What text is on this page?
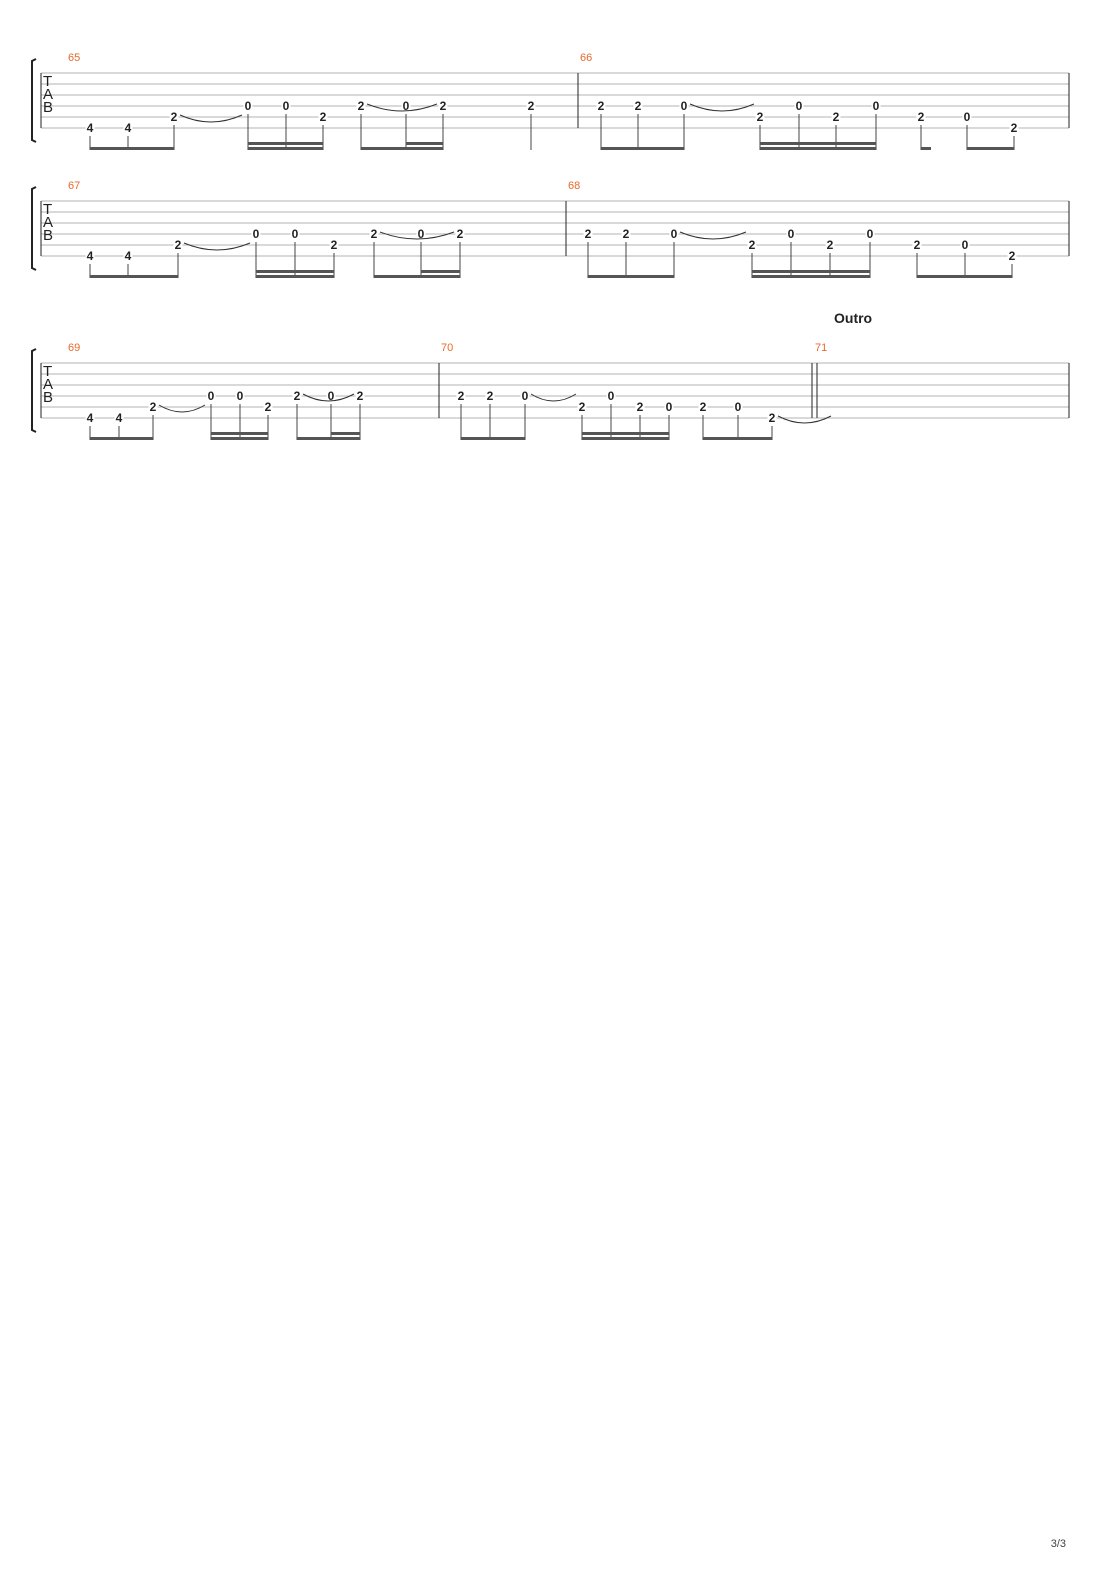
T
A
B
65
4	4
2
0	0
2
2	0	2	2
66
2	2	0
2
0
2
0
2	0
2
T
A
B
67
4	4
2
0	0
2
2	0	2
68
2	2	0
2
0
2
0
2	0
2
T
A
B
Outro
69
4 4
2
0 0
2
2 0 2
70
2 2 0
2
0
2 0 2 0
2
71
3/3
